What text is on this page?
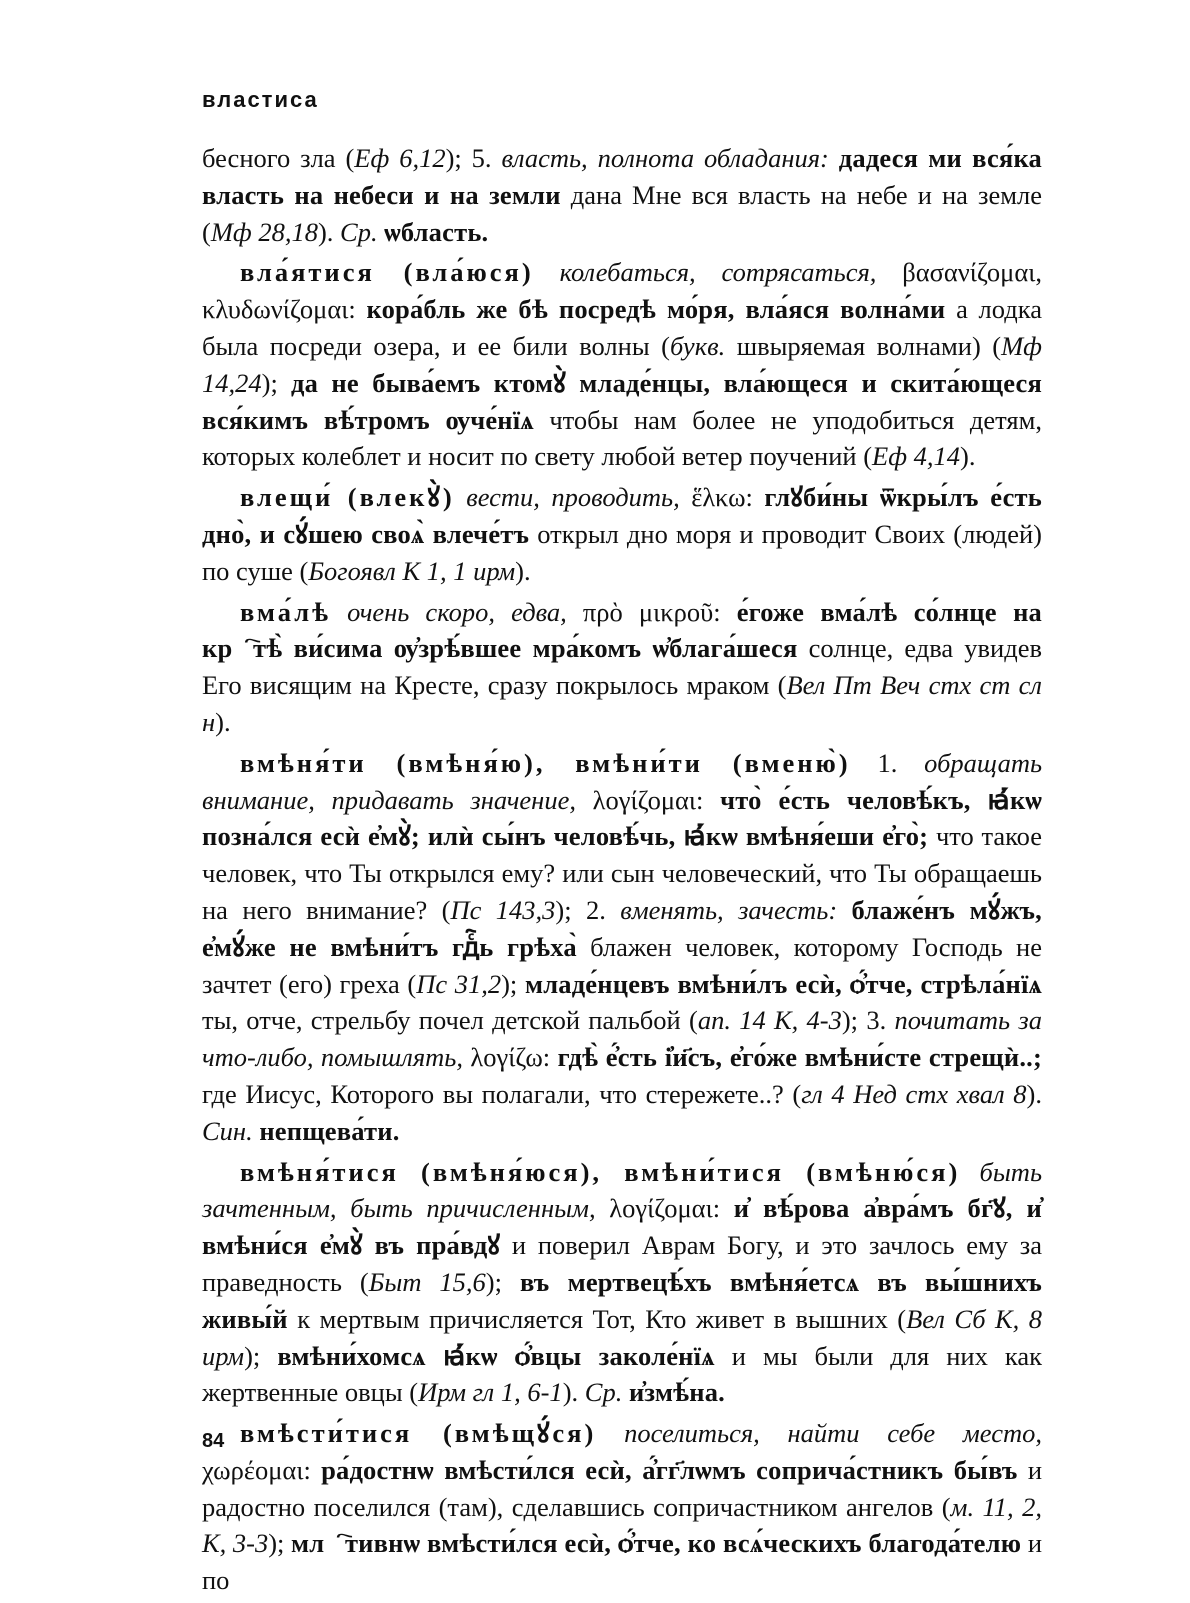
властиса

бесного зла (Еф 6,12); 5. власть, полнота обладания: дадеся ми вся́ка власть на небеси и на земли дана Мне вся власть на небе и на земле (Мф 28,18). Ср. ѡбласть.

вла́ятися (вла́юся) колебаться, сотрясаться, βασανίζομαι, κλυδωνίζομαι: кора́бль же бѣ посредѣ мо́ря, вла́яся волна́ми а лодка была посреди озера, и ее били волны (букв. швыряемая волнами) (Мф 14,24); да не быва́емъ ктомꙋ̀ младе́нцы, вла́ющеся и скита́ющеся вся́кимъ вѣ́тромъ ѹче́нїѧ чтобы нам более не уподобиться детям, которых колеблет и носит по свету любой ветер поучений (Еф 4,14).

влещи́ (влекꙋ̀) вести, проводить, ἕλκω: глꙋби́ны ѿкры́лъ е́сть дно̀, и сꙋ́шею своѧ̀ влече́тъ открыл дно моря и проводит Своих (людей) по суше (Богоявл К 1, 1 ирм).

вма́лѣ очень скоро, едва, πρὸ μικροῦ: е́гоже вма́лѣ со́лнце на крⷭ҇тѣ̀ ви́сима ѹ҆зрѣ́вшее мра́комъ ѡ҆блага́шеся солнце, едва увидев Его висящим на Кресте, сразу покрылось мраком (Вел Пт Веч стх ст сл н).

вмѣня́ти (вмѣня́ю), вмѣни́ти (вменю̀) 1. обращать внимание, придавать значение, λογίζομαι: что̀ е́сть человѣ́къ, ꙗ҆́кѡ позна́лся есѝ е҆мꙋ̀; илѝ сы́нъ человѣ́чь, ꙗ҆́кѡ вмѣня́еши е҆го̀; что такое человек, что Ты открылся ему? или сын человеческий, что Ты обращаешь на него внимание? (Пс 143,3); 2. вменять, зачесть: блаже́нъ мꙋ́жъ, е҆мꙋ́же не вмѣни́тъ гдⷭ҇ь грѣха̀ блажен человек, которому Господь не зачтет (его) греха (Пс 31,2); младе́нцевъ вмѣни́лъ есѝ, ѻ҆́тче, стрѣла́нїѧ ты, отче, стрельбу почел детской пальбой (ап. 14 К, 4-3); 3. почитать за что-либо, помышлять, λογίζω: гдѣ̀ е҆́сть і҆и҃съ, е҆го́же вмѣни́сте стрещѝ..; где Иисус, Которого вы полагали, что стережете..? (гл 4 Нед стх хвал 8). Син. непщева́ти.

вмѣня́тися (вмѣня́юся), вмѣни́тися (вмѣню́ся) быть зачтенным, быть причисленным, λογίζομαι: и҆ вѣ́рова а҆вра́мъ бг҃ꙋ, и҆ вмѣни́ся е҆мꙋ̀ въ пра́вдꙋ и поверил Аврам Богу, и это зачлось ему за праведность (Быт 15,6); въ мертвецѣ́хъ вмѣня́етсѧ въ вы́шнихъ живы́й к мертвым причисляется Тот, Кто живет в вышних (Вел Сб К, 8 ирм); вмѣни́хомсѧ ꙗ҆́кѡ ѻ҆́вцы заколе́нїѧ и мы были для них как жертвенные овцы (Ирм гл 1, 6-1). Ср. и҆змѣ́на.

вмѣсти́тися (вмѣщꙋ́ся) поселиться, найти себе место, χωρέομαι: ра́достнѡ вмѣсти́лся есѝ, а҆́гг҃лѡмъ соприча́стникъ бы́въ и радостно поселился (там), сделавшись сопричастником ангелов (м. 11, 2, К, 3-3); млⷭ҇тивнѡ вмѣсти́лся есѝ, ѻ҆́тче, ко всѧ́ческихъ благода́телю и по

84
